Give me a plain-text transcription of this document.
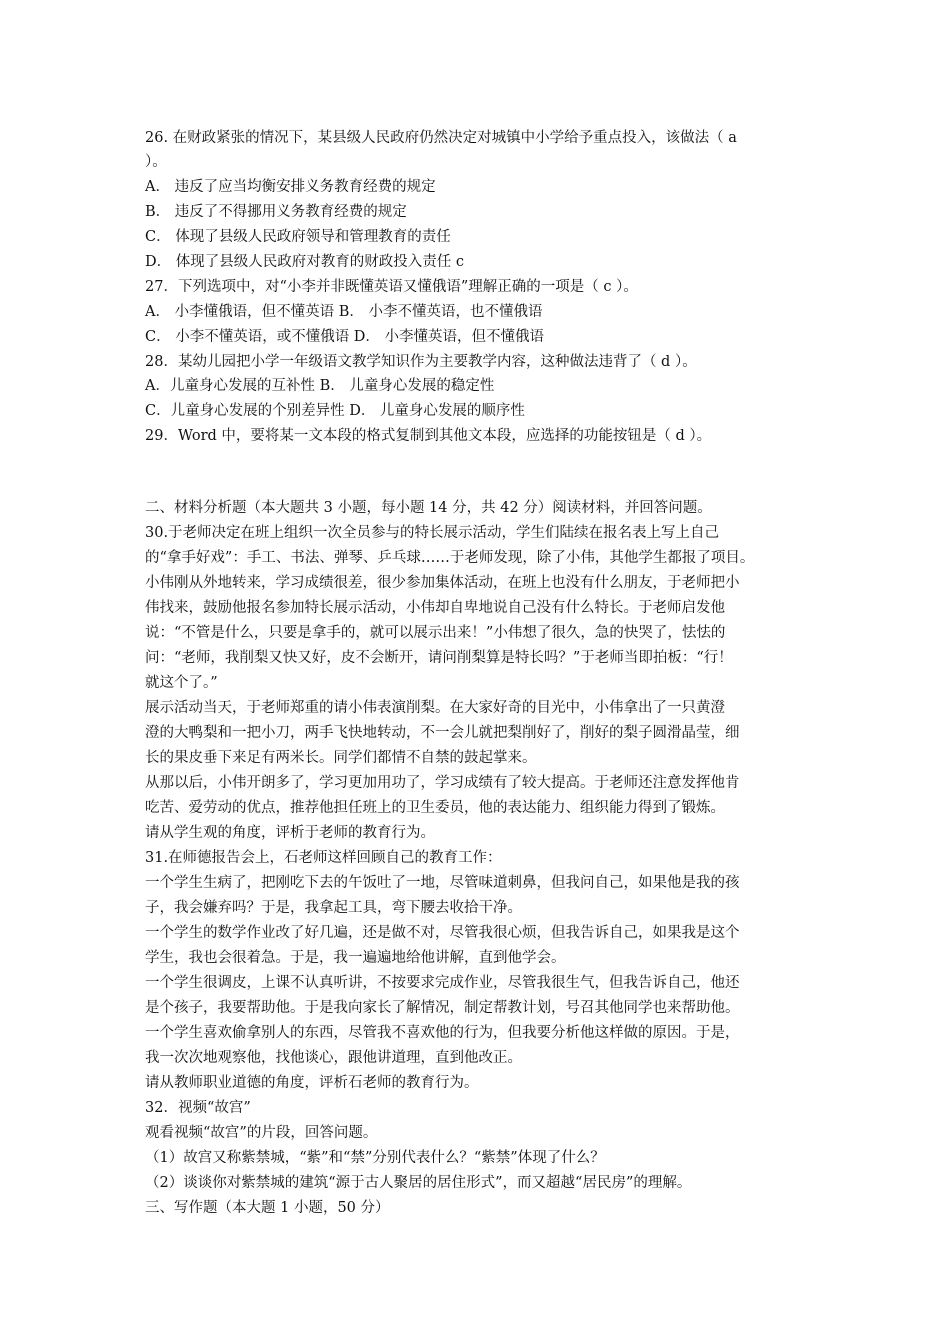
26. 在财政紧张的情况下，某县级人民政府仍然决定对城镇中小学给予重点投入，该做法（ a
）。
A． 违反了应当均衡安排义务教育经费的规定
B． 违反了不得挪用义务教育经费的规定
C． 体现了县级人民政府领导和管理教育的责任
D． 体现了县级人民政府对教育的财政投入责任 c
27．下列选项中，对“小李并非既懂英语又懂俄语”理解正确的一项是（ c ）。
A． 小李懂俄语，但不懂英语 B． 小李不懂英语，也不懂俄语
C． 小李不懂英语，或不懂俄语 D． 小李懂英语，但不懂俄语
28．某幼儿园把小学一年级语文教学知识作为主要教学内容，这种做法违背了（ d ）。
A．儿童身心发展的互补性 B． 儿童身心发展的稳定性
C．儿童身心发展的个别差异性 D． 儿童身心发展的顺序性
29．Word 中，要将某一文本段的格式复制到其他文本段，应选择的功能按钮是（ d ）。
二、材料分析题（本大题共 3 小题，每小题 14 分，共 42 分）阅读材料，并回答问题。
30.于老师决定在班上组织一次全员参与的特长展示活动，学生们陆续在报名表上写上自己
的“拿手好戏”：手工、书法、弹琴、乒乓球……于老师发现，除了小伟，其他学生都报了项目。
小伟刚从外地转来，学习成绩很差，很少参加集体活动，在班上也没有什么朋友，于老师把小
伟找来，鼓励他报名参加特长展示活动，小伟却自卑地说自己没有什么特长。于老师启发他
说：“不管是什么，只要是拿手的，就可以展示出来！”小伟想了很久，急的快哭了，怯怯的
问：“老师，我削梨又快又好，皮不会断开，请问削梨算是特长吗？”于老师当即拍板：“行！
就这个了。”
展示活动当天，于老师郑重的请小伟表演削梨。在大家好奇的目光中，小伟拿出了一只黄澄
澄的大鸭梨和一把小刀，两手飞快地转动，不一会儿就把梨削好了，削好的梨子圆滑晶莹，细
长的果皮垂下来足有两米长。同学们都情不自禁的鼓起掌来。
从那以后，小伟开朗多了，学习更加用功了，学习成绩有了较大提高。于老师还注意发挥他肯
吃苦、爱劳动的优点，推荐他担任班上的卫生委员，他的表达能力、组织能力得到了锻炼。
请从学生观的角度，评析于老师的教育行为。
31.在师德报告会上，石老师这样回顾自己的教育工作：
一个学生生病了，把刚吃下去的午饭吐了一地，尽管味道刺鼻，但我问自己，如果他是我的孩
子，我会嫌弃吗？于是，我拿起工具，弯下腰去收拾干净。
一个学生的数学作业改了好几遍，还是做不对，尽管我很心烦，但我告诉自己，如果我是这个
学生，我也会很着急。于是，我一遍遍地给他讲解，直到他学会。
一个学生很调皮，上课不认真听讲，不按要求完成作业，尽管我很生气，但我告诉自己，他还
是个孩子，我要帮助他。于是我向家长了解情况，制定帮教计划，号召其他同学也来帮助他。
一个学生喜欢偷拿别人的东西，尽管我不喜欢他的行为，但我要分析他这样做的原因。于是，
我一次次地观察他，找他谈心，跟他讲道理，直到他改正。
请从教师职业道德的角度，评析石老师的教育行为。
32．视频“故宫”
观看视频“故宫”的片段，回答问题。
（1）故宫又称紫禁城，“紫”和“禁”分别代表什么？“紫禁”体现了什么？
（2）谈谈你对紫禁城的建筑“源于古人聚居的居住形式”，而又超越“居民房”的理解。
三、写作题（本大题 1 小题，50 分）
